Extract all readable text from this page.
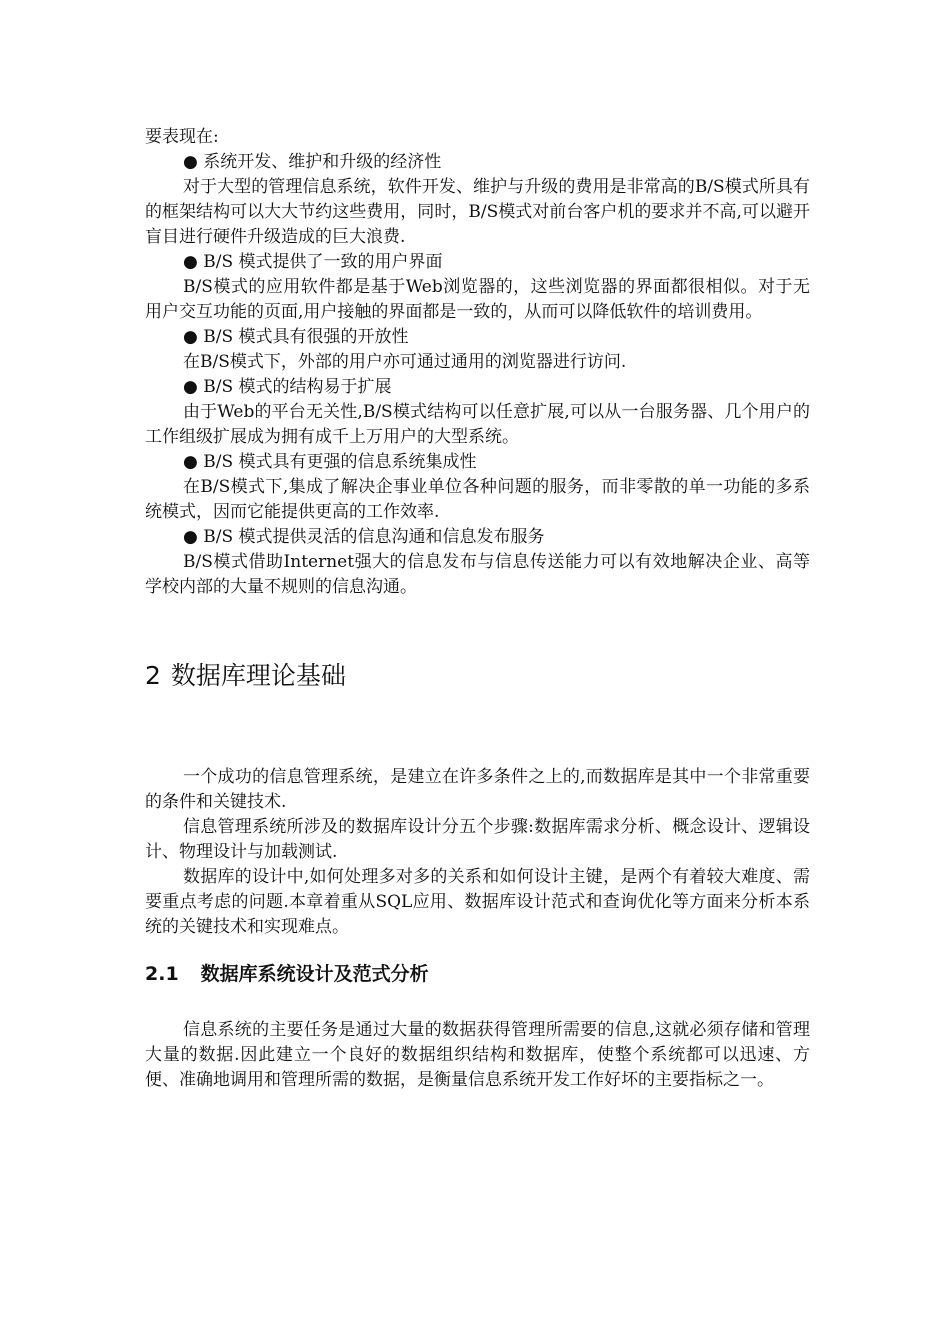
要表现在:

● 系统开发、维护和升级的经济性

对于大型的管理信息系统，软件开发、维护与升级的费用是非常高的B/S模式所具有的框架结构可以大大节约这些费用，同时，B/S模式对前台客户机的要求并不高,可以避开盲目进行硬件升级造成的巨大浪费.

● B/S 模式提供了一致的用户界面

B/S模式的应用软件都是基于Web浏览器的，这些浏览器的界面都很相似。对于无用户交互功能的页面,用户接触的界面都是一致的，从而可以降低软件的培训费用。

● B/S 模式具有很强的开放性

在B/S模式下，外部的用户亦可通过通用的浏览器进行访问.

● B/S 模式的结构易于扩展

由于Web的平台无关性,B/S模式结构可以任意扩展,可以从一台服务器、几个用户的工作组级扩展成为拥有成千上万用户的大型系统。

● B/S 模式具有更强的信息系统集成性

在B/S模式下,集成了解决企事业单位各种问题的服务，而非零散的单一功能的多系统模式，因而它能提供更高的工作效率.

● B/S 模式提供灵活的信息沟通和信息发布服务

B/S模式借助Internet强大的信息发布与信息传送能力可以有效地解决企业、高等学校内部的大量不规则的信息沟通。

2 数据库理论基础

一个成功的信息管理系统，是建立在许多条件之上的,而数据库是其中一个非常重要的条件和关键技术.

信息管理系统所涉及的数据库设计分五个步骤:数据库需求分析、概念设计、逻辑设计、物理设计与加载测试.

数据库的设计中,如何处理多对多的关系和如何设计主键，是两个有着较大难度、需要重点考虑的问题.本章着重从SQL应用、数据库设计范式和查询优化等方面来分析本系统的关键技术和实现难点。

2.1 数据库系统设计及范式分析

信息系统的主要任务是通过大量的数据获得管理所需要的信息,这就必须存储和管理大量的数据.因此建立一个良好的数据组织结构和数据库，使整个系统都可以迅速、方便、准确地调用和管理所需的数据，是衡量信息系统开发工作好坏的主要指标之一。
